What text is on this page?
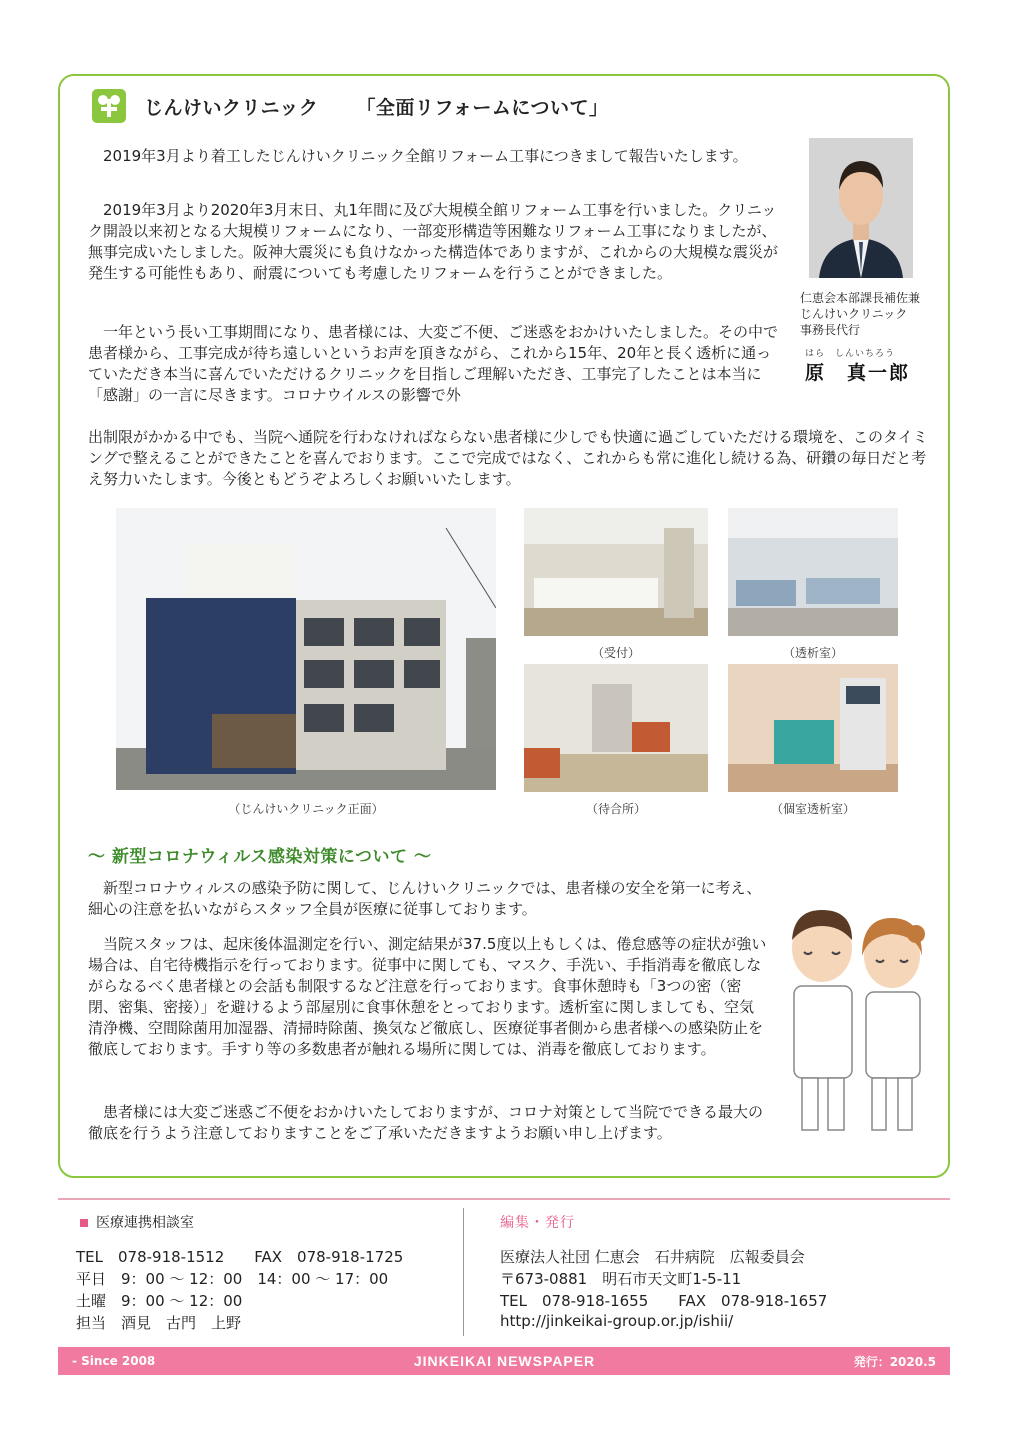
じんけいクリニック 「全面リフォームについて」

2019年3月より着工したじんけいクリニック全館リフォーム工事につきまして報告いたします。

2019年3月より2020年3月末日、丸1年間に及び大規模全館リフォーム工事を行いました。クリニック開設以来初となる大規模リフォームになり、一部変形構造等困難なリフォーム工事になりましたが、無事完成いたしました。阪神大震災にも負けなかった構造体でありますが、これからの大規模な震災が発生する可能性もあり、耐震についても考慮したリフォームを行うことができました。

一年という長い工事期間になり、患者様には、大変ご不便、ご迷惑をおかけいたしました。その中で患者様から、工事完成が待ち遠しいというお声を頂きながら、これから15年、20年と長く透析に通っていただき本当に喜んでいただけるクリニックを目指しご理解いただき、工事完了したことは本当に「感謝」の一言に尽きます。コロナウイルスの影響で外

出制限がかかる中でも、当院へ通院を行わなければならない患者様に少しでも快適に過ごしていただける環境を、このタイミングで整えることができたことを喜んでおります。ここで完成ではなく、これからも常に進化し続ける為、研鑽の毎日だと考え努力いたします。今後ともどうぞよろしくお願いいたします。

仁恵会本部課長補佐兼
じんけいクリニック
事務長代行
はら　しんいちろう
原　真一郎
（じんけいクリニック正面）
（受付）	（透析室）
（待合所）	（個室透析室）
～ 新型コロナウィルス感染対策について ～

新型コロナウィルスの感染予防に関して、じんけいクリニックでは、患者様の安全を第一に考え、細心の注意を払いながらスタッフ全員が医療に従事しております。

当院スタッフは、起床後体温測定を行い、測定結果が37.5度以上もしくは、倦怠感等の症状が強い場合は、自宅待機指示を行っております。従事中に関しても、マスク、手洗い、手指消毒を徹底しながらなるべく患者様との会話も制限するなど注意を行っております。食事休憩時も「3つの密（密閉、密集、密接）」を避けるよう部屋別に食事休憩をとっております。透析室に関しましても、空気清浄機、空間除菌用加湿器、清掃時除菌、換気など徹底し、医療従事者側から患者様への感染防止を徹底しております。手すり等の多数患者が触れる場所に関しては、消毒を徹底しております。

患者様には大変ご迷惑ご不便をおかけいたしておりますが、コロナ対策として当院でできる最大の徹底を行うよう注意しておりますことをご了承いただきますようお願い申し上げます。

医療連携相談室
TEL　078-918-1512　　FAX　078-918-1725
平日　9：00 ～ 12：00　14：00 ～ 17：00
土曜　9：00 ～ 12：00
担当　酒見　古門　上野
編集・発行
医療法人社団 仁恵会　石井病院　広報委員会
〒673-0881　明石市天文町1-5-11
TEL　078-918-1655　　FAX　078-918-1657
http://jinkeikai-group.or.jp/ishii/
- Since 2008	JINKEIKAI NEWSPAPER	発行：2020.5
